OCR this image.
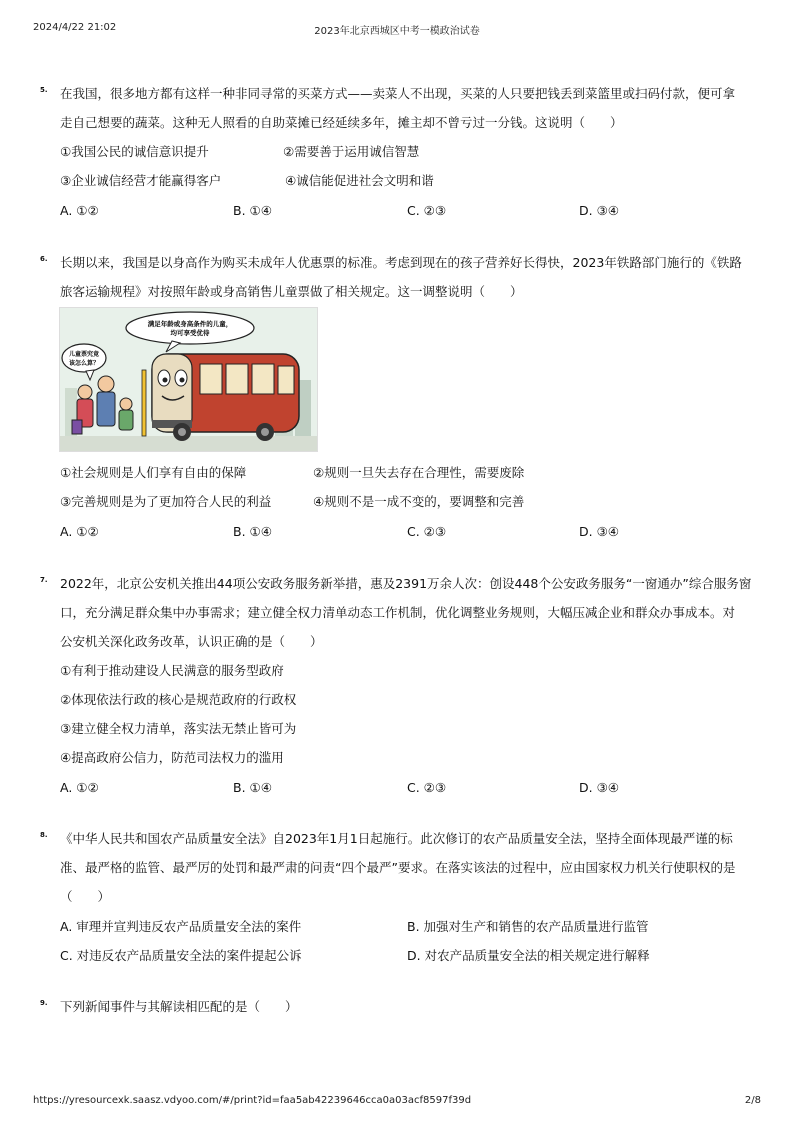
2024/4/22 21:02	2023年北京西城区中考一模政治试卷
5. 在我国，很多地方都有这样一种非同寻常的买菜方式——卖菜人不出现，买菜的人只要把钱丢到菜篮里或扫码付款，便可拿
走自己想要的蔬菜。这种无人照看的自助菜摊已经延续多年，摊主却不曾亏过一分钱。这说明（　　）
①我国公民的诚信意识提升	②需要善于运用诚信智慧
③企业诚信经营才能赢得客户	④诚信能促进社会文明和谐
A. ①②	B. ①④	C. ②③	D. ③④
6. 长期以来，我国是以身高作为购买未成年人优惠票的标准。考虑到现在的孩子营养好长得快，2023年铁路部门施行的《铁路
旅客运输规程》对按照年龄或身高销售儿童票做了相关规定。这一调整说明（　　）
满足年龄或身高条件的儿童，
均可享受优待
儿童票究竟
该怎么算？
①社会规则是人们享有自由的保障	②规则一旦失去存在合理性，需要废除
③完善规则是为了更加符合人民的利益	④规则不是一成不变的，要调整和完善
A. ①②	B. ①④	C. ②③	D. ③④
7. 2022年，北京公安机关推出44项公安政务服务新举措，惠及2391万余人次：创设448个公安政务服务“一窗通办”综合服务窗
口，充分满足群众集中办事需求；建立健全权力清单动态工作机制，优化调整业务规则，大幅压减企业和群众办事成本。对
公安机关深化政务改革，认识正确的是（　　）
①有利于推动建设人民满意的服务型政府
②体现依法行政的核心是规范政府的行政权
③建立健全权力清单，落实法无禁止皆可为
④提高政府公信力，防范司法权力的滥用
A. ①②	B. ①④	C. ②③	D. ③④
8. 《中华人民共和国农产品质量安全法》自2023年1月1日起施行。此次修订的农产品质量安全法，坚持全面体现最严谨的标
准、最严格的监管、最严厉的处罚和最严肃的问责“四个最严”要求。在落实该法的过程中，应由国家权力机关行使职权的是
（　　）
A. 审理并宣判违反农产品质量安全法的案件	B. 加强对生产和销售的农产品质量进行监管
C. 对违反农产品质量安全法的案件提起公诉	D. 对农产品质量安全法的相关规定进行解释
9. 下列新闻事件与其解读相匹配的是（　　）
https://yresourcexk.saasz.vdyoo.com/#/print?id=faa5ab42239646cca0a03acf8597f39d	2/8
